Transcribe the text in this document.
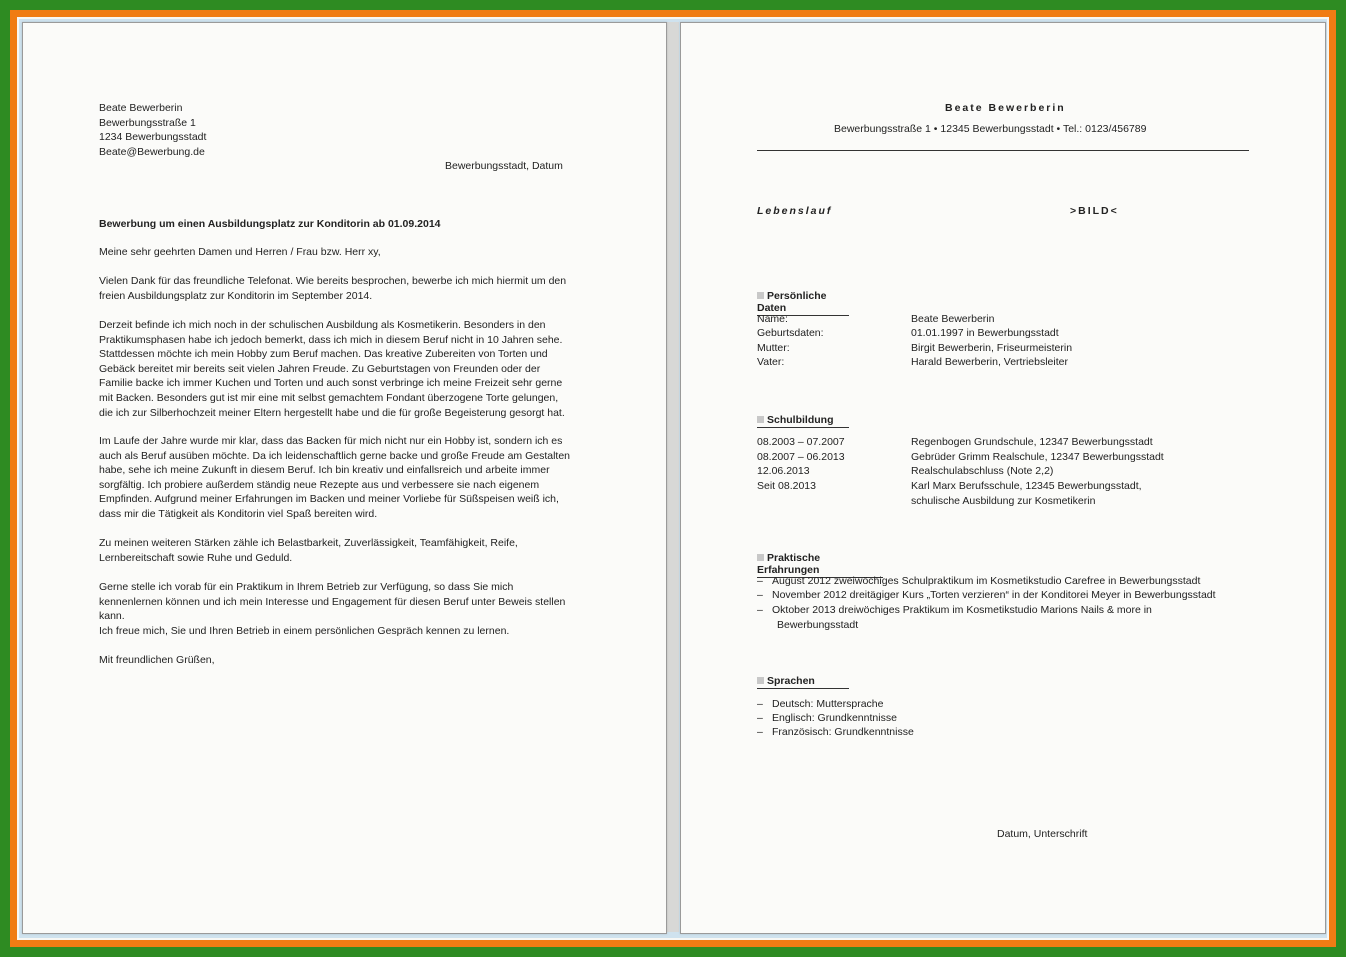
Beate Bewerberin
Bewerbungsstraße 1
1234 Bewerbungsstadt
Beate@Bewerbung.de
Bewerbungsstadt, Datum
Bewerbung um einen Ausbildungsplatz zur Konditorin ab 01.09.2014
Meine sehr geehrten Damen und Herren / Frau bzw. Herr xy,
Vielen Dank für das freundliche Telefonat. Wie bereits besprochen, bewerbe ich mich hiermit um den
freien Ausbildungsplatz zur Konditorin im September 2014.
Derzeit befinde ich mich noch in der schulischen Ausbildung als Kosmetikerin. Besonders in den
Praktikumsphasen habe ich jedoch bemerkt, dass ich mich in diesem Beruf nicht in 10 Jahren sehe.
Stattdessen möchte ich mein Hobby zum Beruf machen. Das kreative Zubereiten von Torten und
Gebäck bereitet mir bereits seit vielen Jahren Freude. Zu Geburtstagen von Freunden oder der
Familie backe ich immer Kuchen und Torten und auch sonst verbringe ich meine Freizeit sehr gerne
mit Backen. Besonders gut ist mir eine mit selbst gemachtem Fondant überzogene Torte gelungen,
die ich zur Silberhochzeit meiner Eltern hergestellt habe und die für große Begeisterung gesorgt hat.
Im Laufe der Jahre wurde mir klar, dass das Backen für mich nicht nur ein Hobby ist, sondern ich es
auch als Beruf ausüben möchte. Da ich leidenschaftlich gerne backe und große Freude am Gestalten
habe, sehe ich meine Zukunft in diesem Beruf. Ich bin kreativ und einfallsreich und arbeite immer
sorgfältig. Ich probiere außerdem ständig neue Rezepte aus und verbessere sie nach eigenem
Empfinden. Aufgrund meiner Erfahrungen im Backen und meiner Vorliebe für Süßspeisen weiß ich,
dass mir die Tätigkeit als Konditorin viel Spaß bereiten wird.
Zu meinen weiteren Stärken zähle ich Belastbarkeit, Zuverlässigkeit, Teamfähigkeit, Reife,
Lernbereitschaft sowie Ruhe und Geduld.
Gerne stelle ich vorab für ein Praktikum in Ihrem Betrieb zur Verfügung, so dass Sie mich
kennenlernen können und ich mein Interesse und Engagement für diesen Beruf unter Beweis stellen
kann.
Ich freue mich, Sie und Ihren Betrieb in einem persönlichen Gespräch kennen zu lernen.
Mit freundlichen Grüßen,
Beate Bewerberin
Bewerbungsstraße 1 • 12345 Bewerbungsstadt • Tel.: 0123/456789
Lebenslauf	>BILD<
Persönliche Daten
Name:	Beate Bewerberin
Geburtsdaten:	01.01.1997 in Bewerbungsstadt
Mutter:	Birgit Bewerberin, Friseurmeisterin
Vater:	Harald Bewerberin, Vertriebsleiter
Schulbildung
08.2003 – 07.2007	Regenbogen Grundschule, 12347 Bewerbungsstadt
08.2007 – 06.2013	Gebrüder Grimm Realschule, 12347 Bewerbungsstadt
12.06.2013	Realschulabschluss (Note 2,2)
Seit 08.2013	Karl Marx Berufsschule, 12345 Bewerbungsstadt,
schulische Ausbildung zur Kosmetikerin
Praktische Erfahrungen
– August 2012 zweiwöchiges Schulpraktikum im Kosmetikstudio Carefree in Bewerbungsstadt
– November 2012 dreitägiger Kurs „Torten verzieren“ in der Konditorei Meyer in Bewerbungsstadt
– Oktober 2013 dreiwöchiges Praktikum im Kosmetikstudio Marions Nails & more in
Bewerbungsstadt
Sprachen
– Deutsch: Muttersprache
– Englisch: Grundkenntnisse
– Französisch: Grundkenntnisse
Datum, Unterschrift
